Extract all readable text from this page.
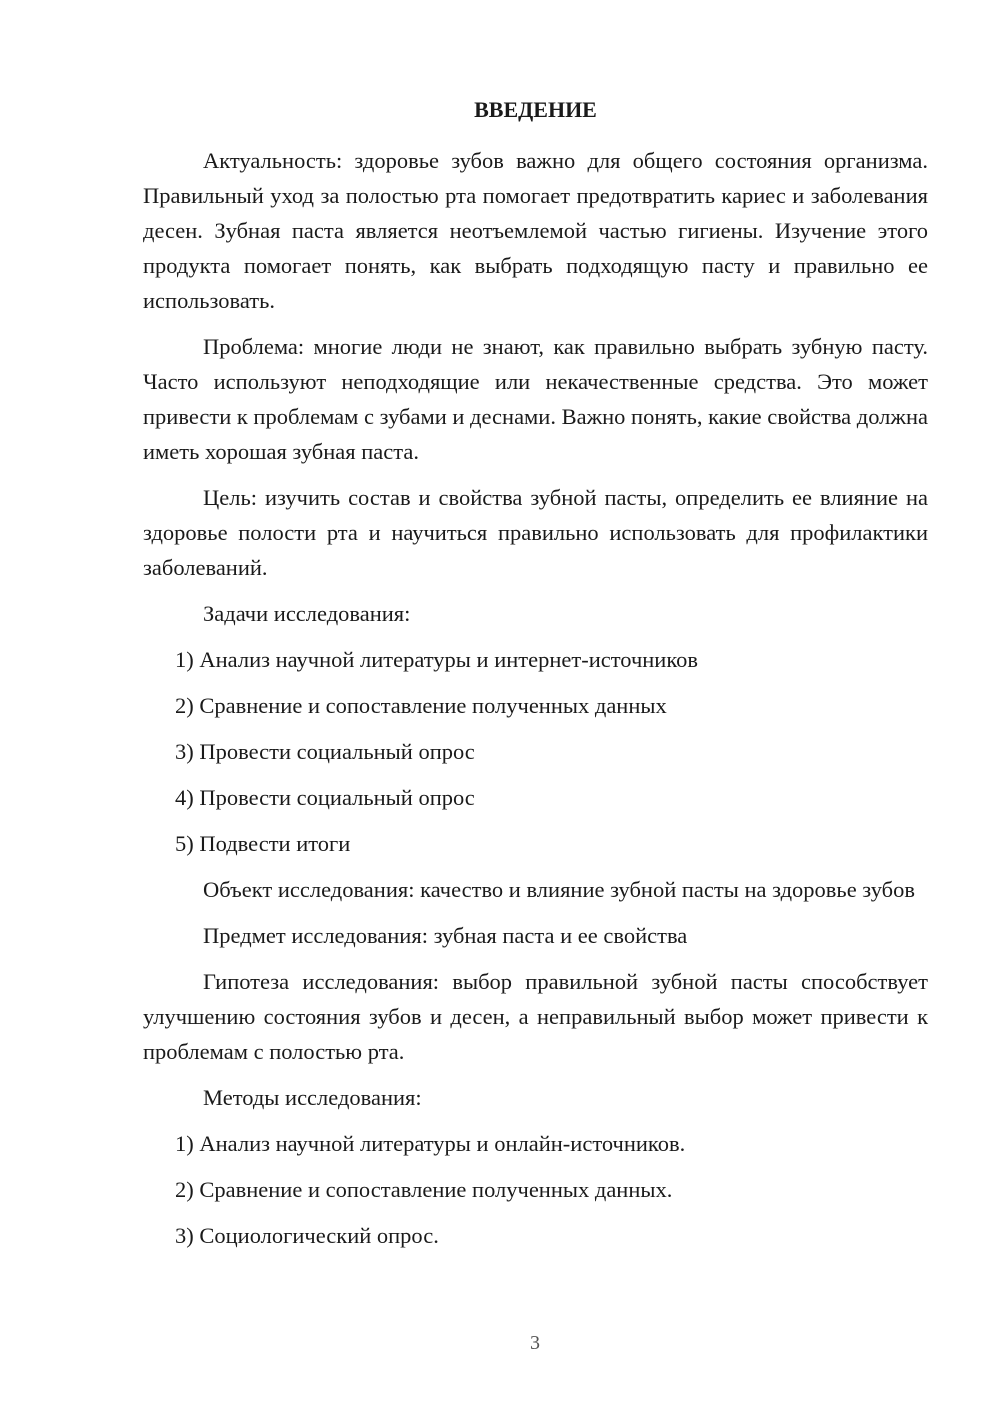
ВВЕДЕНИЕ

Актуальность: здоровье зубов важно для общего состояния организма. Правильный уход за полостью рта помогает предотвратить кариес и заболевания десен. Зубная паста является неотъемлемой частью гигиены. Изучение этого продукта помогает понять, как выбрать подходящую пасту и правильно ее использовать.

Проблема: многие люди не знают, как правильно выбрать зубную пасту. Часто используют неподходящие или некачественные средства. Это может привести к проблемам с зубами и деснами. Важно понять, какие свойства должна иметь хорошая зубная паста.

Цель: изучить состав и свойства зубной пасты, определить ее влияние на здоровье полости рта и научиться правильно использовать для профилактики заболеваний.

Задачи исследования:

1) Анализ научной литературы и интернет-источников

2) Сравнение и сопоставление полученных данных

3) Провести социальный опрос

4) Провести социальный опрос

5) Подвести итоги

Объект исследования: качество и влияние зубной пасты на здоровье зубов

Предмет исследования: зубная паста и ее свойства

Гипотеза исследования: выбор правильной зубной пасты способствует улучшению состояния зубов и десен, а неправильный выбор может привести к проблемам с полостью рта.

Методы исследования:

1) Анализ научной литературы и онлайн-источников.

2) Сравнение и сопоставление полученных данных.

3) Социологический опрос.

3
